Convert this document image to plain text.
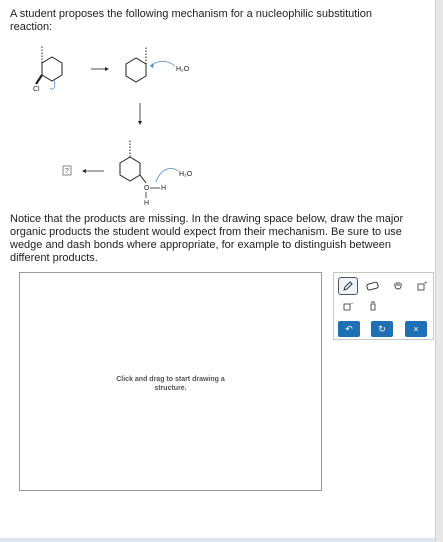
A student proposes the following mechanism for a nucleophilic substitution reaction:
Cl
H₂O
O H
H
H₂O
?
Notice that the products are missing. In the drawing space below, draw the major organic products the student would expect from their mechanism. Be sure to use wedge and dash bonds where appropriate, for example to distinguish between different products.
Click and drag to start drawing a
structure.
+
−
↶	↻	×
